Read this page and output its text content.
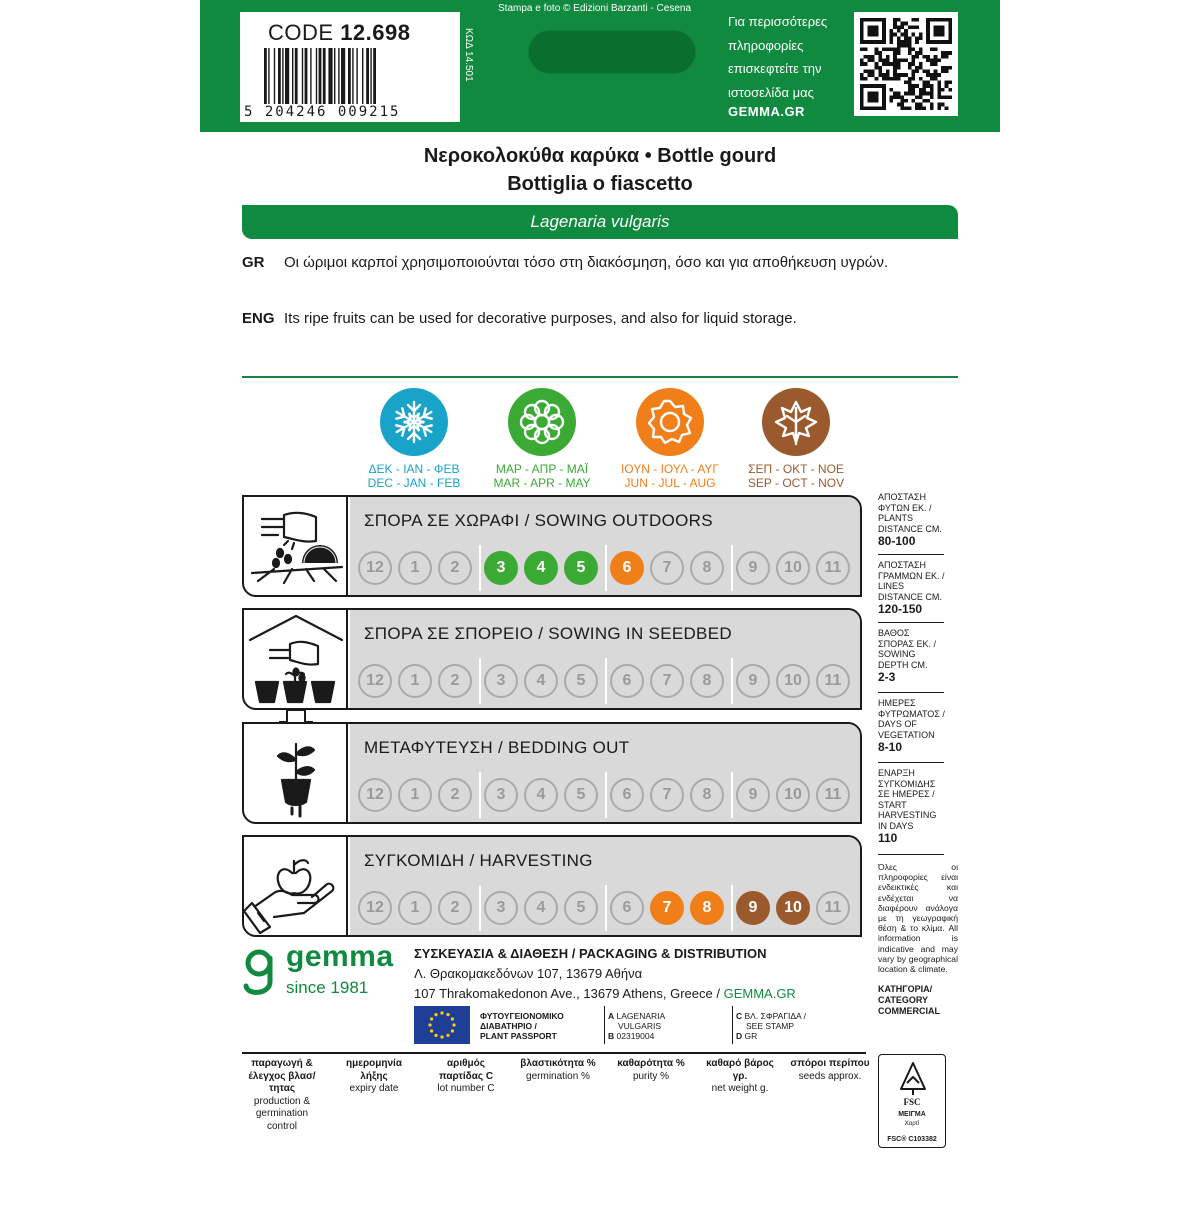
CODE 12.698
5 204246 009215
ΚΩΔ 14.501
Stampa e foto © Edizioni Barzanti - Cesena
Για περισσότερες
πληροφορίες
επισκεφτείτε την
ιστοσελίδα μας
GEMMA.GR
Νεροκολοκύθα καρύκα • Bottle gourd
Bottiglia o fiascetto
Lagenaria vulgaris
GR Οι ώριμοι καρποί χρησιμοποιούνται τόσο στη διακόσμηση, όσο και για αποθήκευση υγρών.
ENG Its ripe fruits can be used for decorative purposes, and also for liquid storage.
ΔΕΚ - ΙΑΝ - ΦΕΒ
DEC - JAN - FEB
ΜΑΡ - ΑΠΡ - ΜΑΪ
MAR - APR - MAY
ΙΟΥΝ - ΙΟΥΛ - ΑΥΓ
JUN - JUL - AUG
ΣΕΠ - ΟΚΤ - ΝΟΕ
SEP - OCT - NOV
ΣΠΟΡΑ ΣΕ ΧΩΡΑΦΙ / SOWING OUTDOORS
12	1	2	3	4	5	6	7	8	9	10	11
ΣΠΟΡΑ ΣΕ ΣΠΟΡΕΙΟ / SOWING IN SEEDBED
12	1	2	3	4	5	6	7	8	9	10	11
ΜΕΤΑΦΥΤΕΥΣΗ / BEDDING OUT
12	1	2	3	4	5	6	7	8	9	10	11
ΣΥΓΚΟΜΙΔΗ / HARVESTING
12	1	2	3	4	5	6	7	8	9	10	11
ΑΠΟΣΤΑΣΗ
ΦΥΤΩΝ ΕΚ. /
PLANTS
DISTANCE CM.
80-100
ΑΠΟΣΤΑΣΗ
ΓΡΑΜΜΩΝ ΕΚ. /
LINES
DISTANCE CM.
120-150
ΒΑΘΟΣ
ΣΠΟΡΑΣ ΕΚ. /
SOWING
DEPTH CM.
2-3
ΗΜΕΡΕΣ
ΦΥΤΡΩΜΑΤΟΣ /
DAYS OF
VEGETATION
8-10
ΕΝΑΡΞΗ
ΣΥΓΚΟΜΙΔΗΣ
ΣΕ ΗΜΕΡΕΣ /
START
HARVESTING
IN DAYS
110
Όλες οι πληροφορίες είναι ενδεικτικές και ενδέχεται να διαφέρουν ανάλογα με τη γεωγραφική θέση & το κλίμα. All information is indicative and may vary by geographical location & climate.
ΚΑΤΗΓΟΡΙΑ/
CATEGORY
COMMERCIAL
gemma
since 1981
ΣΥΣΚΕΥΑΣΙΑ & ΔΙΑΘΕΣΗ / PACKAGING & DISTRIBUTION
Λ. Θρακομακεδόνων 107, 13679 Αθήνα
107 Thrakomakedonon Ave., 13679 Athens, Greece / GEMMA.GR
ΦΥΤΟΥΓΕΙΟΝΟΜΙΚΟ
ΔΙΑΒΑΤΗΡΙΟ /
PLANT PASSPORT
A LAGENARIA
VULGARIS
B 02319004
C ΒΛ. ΣΦΡΑΓΙΔΑ /
SEE STAMP
D GR
παραγωγή & έλεγχος βλασ/τητας
production & germination control
ημερομηνία λήξης
expiry date
αριθμός παρτίδας C
lot number C
βλαστικότητα %
germination %
καθαρότητα %
purity %
καθαρό βάρος γρ.
net weight g.
σπόροι περίπου
seeds approx.
FSC
ΜΕΙΓΜΑ
Χαρτί
FSC® C103382
